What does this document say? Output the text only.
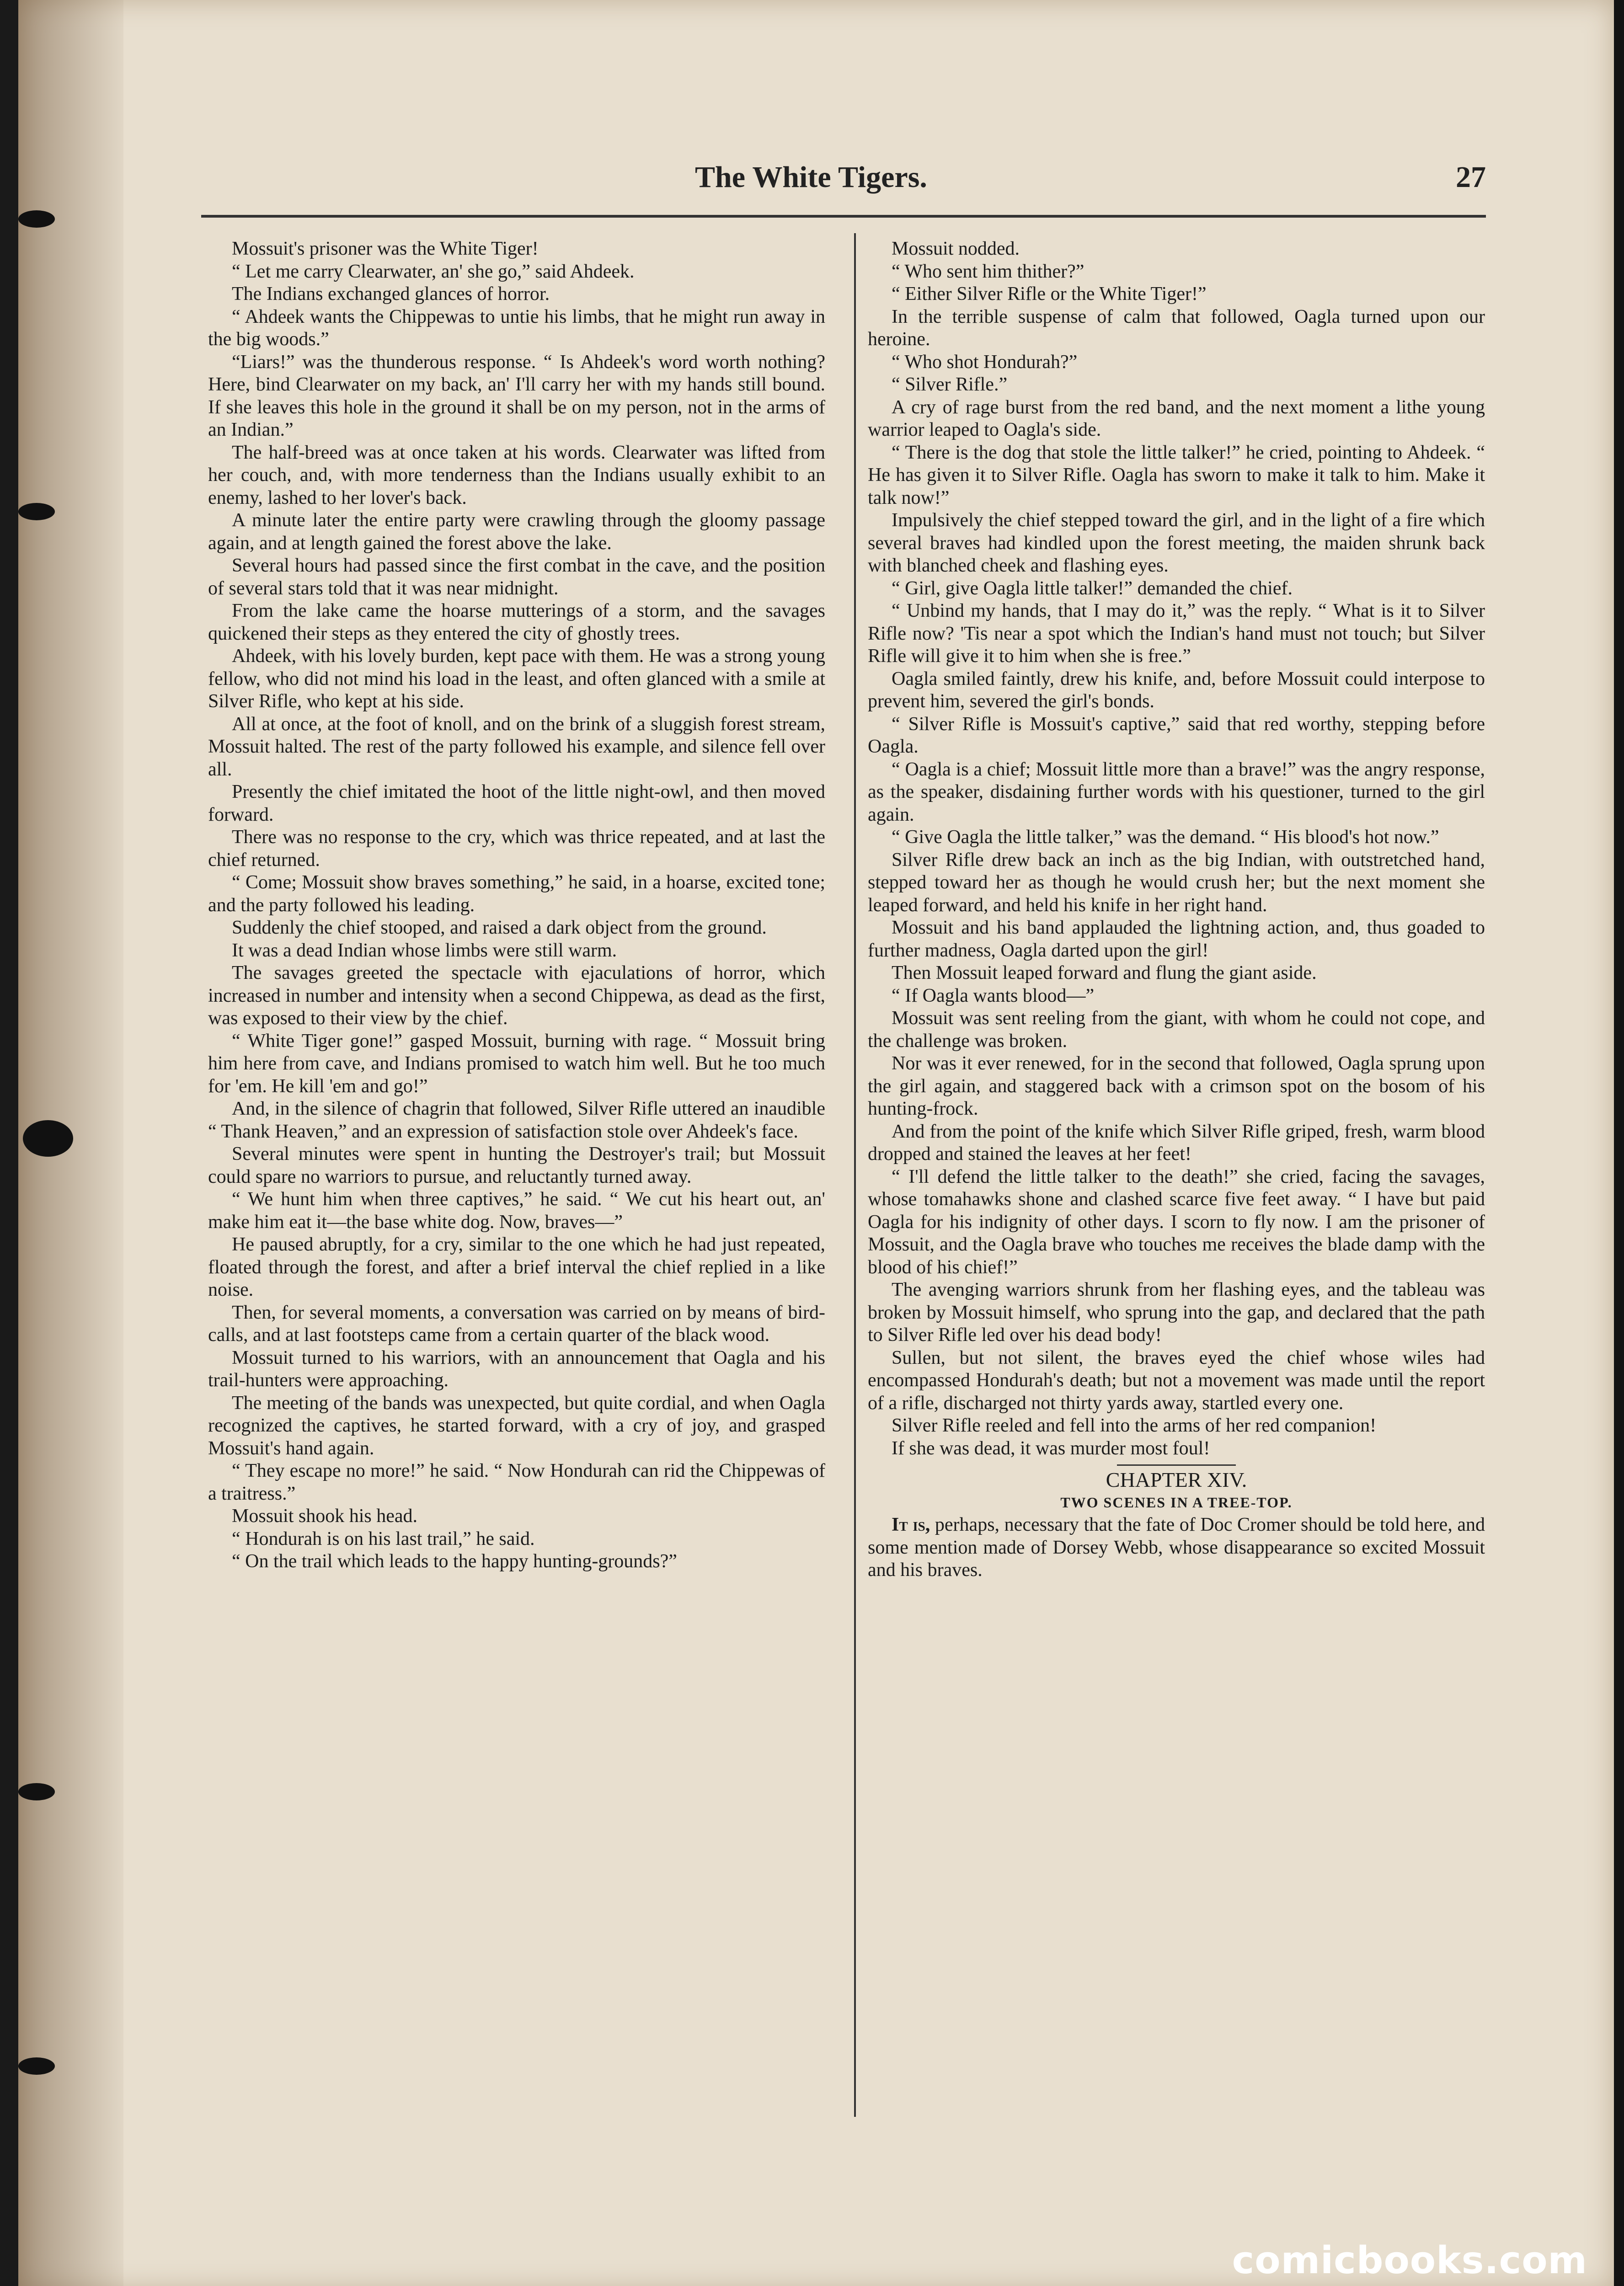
The White Tigers.	27

Mossuit's prisoner was the White Tiger!

“ Let me carry Clearwater, an' she go,” said Ahdeek.

The Indians exchanged glances of horror.

“ Ahdeek wants the Chippewas to untie his limbs, that he might run away in the big woods.”

“Liars!” was the thunderous response. “ Is Ahdeek's word worth nothing? Here, bind Clearwater on my back, an' I'll carry her with my hands still bound. If she leaves this hole in the ground it shall be on my person, not in the arms of an Indian.”

The half-breed was at once taken at his words. Clearwater was lifted from her couch, and, with more tenderness than the Indians usually exhibit to an enemy, lashed to her lover's back.

A minute later the entire party were crawling through the gloomy passage again, and at length gained the forest above the lake.

Several hours had passed since the first combat in the cave, and the position of several stars told that it was near midnight.

From the lake came the hoarse mutterings of a storm, and the savages quickened their steps as they entered the city of ghostly trees.

Ahdeek, with his lovely burden, kept pace with them. He was a strong young fellow, who did not mind his load in the least, and often glanced with a smile at Silver Rifle, who kept at his side.

All at once, at the foot of knoll, and on the brink of a sluggish forest stream, Mossuit halted. The rest of the party followed his example, and silence fell over all.

Presently the chief imitated the hoot of the little night-owl, and then moved forward.

There was no response to the cry, which was thrice repeated, and at last the chief returned.

“ Come; Mossuit show braves something,” he said, in a hoarse, excited tone; and the party followed his leading.

Suddenly the chief stooped, and raised a dark object from the ground.

It was a dead Indian whose limbs were still warm.

The savages greeted the spectacle with ejaculations of horror, which increased in number and intensity when a second Chippewa, as dead as the first, was exposed to their view by the chief.

“ White Tiger gone!” gasped Mossuit, burning with rage. “ Mossuit bring him here from cave, and Indians promised to watch him well. But he too much for 'em. He kill 'em and go!”

And, in the silence of chagrin that followed, Silver Rifle uttered an inaudible “ Thank Heaven,” and an expression of satisfaction stole over Ahdeek's face.

Several minutes were spent in hunting the Destroyer's trail; but Mossuit could spare no warriors to pursue, and reluctantly turned away.

“ We hunt him when three captives,” he said. “ We cut his heart out, an' make him eat it—the base white dog. Now, braves—”

He paused abruptly, for a cry, similar to the one which he had just repeated, floated through the forest, and after a brief interval the chief replied in a like noise.

Then, for several moments, a conversation was carried on by means of bird-calls, and at last footsteps came from a certain quarter of the black wood.

Mossuit turned to his warriors, with an announcement that Oagla and his trail-hunters were approaching.

The meeting of the bands was unexpected, but quite cordial, and when Oagla recognized the captives, he started forward, with a cry of joy, and grasped Mossuit's hand again.

“ They escape no more!” he said. “ Now Hondurah can rid the Chippewas of a traitress.”

Mossuit shook his head.

“ Hondurah is on his last trail,” he said.

“ On the trail which leads to the happy hunting-grounds?”

Mossuit nodded.

“ Who sent him thither?”

“ Either Silver Rifle or the White Tiger!”

In the terrible suspense of calm that followed, Oagla turned upon our heroine.

“ Who shot Hondurah?”

“ Silver Rifle.”

A cry of rage burst from the red band, and the next moment a lithe young warrior leaped to Oagla's side.

“ There is the dog that stole the little talker!” he cried, pointing to Ahdeek. “ He has given it to Silver Rifle. Oagla has sworn to make it talk to him. Make it talk now!”

Impulsively the chief stepped toward the girl, and in the light of a fire which several braves had kindled upon the forest meeting, the maiden shrunk back with blanched cheek and flashing eyes.

“ Girl, give Oagla little talker!” demanded the chief.

“ Unbind my hands, that I may do it,” was the reply. “ What is it to Silver Rifle now? 'Tis near a spot which the Indian's hand must not touch; but Silver Rifle will give it to him when she is free.”

Oagla smiled faintly, drew his knife, and, before Mossuit could interpose to prevent him, severed the girl's bonds.

“ Silver Rifle is Mossuit's captive,” said that red worthy, stepping before Oagla.

“ Oagla is a chief; Mossuit little more than a brave!” was the angry response, as the speaker, disdaining further words with his questioner, turned to the girl again.

“ Give Oagla the little talker,” was the demand. “ His blood's hot now.”

Silver Rifle drew back an inch as the big Indian, with outstretched hand, stepped toward her as though he would crush her; but the next moment she leaped forward, and held his knife in her right hand.

Mossuit and his band applauded the lightning action, and, thus goaded to further madness, Oagla darted upon the girl!

Then Mossuit leaped forward and flung the giant aside.

“ If Oagla wants blood—”

Mossuit was sent reeling from the giant, with whom he could not cope, and the challenge was broken.

Nor was it ever renewed, for in the second that followed, Oagla sprung upon the girl again, and staggered back with a crimson spot on the bosom of his hunting-frock.

And from the point of the knife which Silver Rifle griped, fresh, warm blood dropped and stained the leaves at her feet!

“ I'll defend the little talker to the death!” she cried, facing the savages, whose tomahawks shone and clashed scarce five feet away. “ I have but paid Oagla for his indignity of other days. I scorn to fly now. I am the prisoner of Mossuit, and the Oagla brave who touches me receives the blade damp with the blood of his chief!”

The avenging warriors shrunk from her flashing eyes, and the tableau was broken by Mossuit himself, who sprung into the gap, and declared that the path to Silver Rifle led over his dead body!

Sullen, but not silent, the braves eyed the chief whose wiles had encompassed Hondurah's death; but not a movement was made until the report of a rifle, discharged not thirty yards away, startled every one.

Silver Rifle reeled and fell into the arms of her red companion!

If she was dead, it was murder most foul!

CHAPTER XIV.

TWO SCENES IN A TREE-TOP.

It is, perhaps, necessary that the fate of Doc Cromer should be told here, and some mention made of Dorsey Webb, whose disappearance so excited Mossuit and his braves.

comicbooks.com
